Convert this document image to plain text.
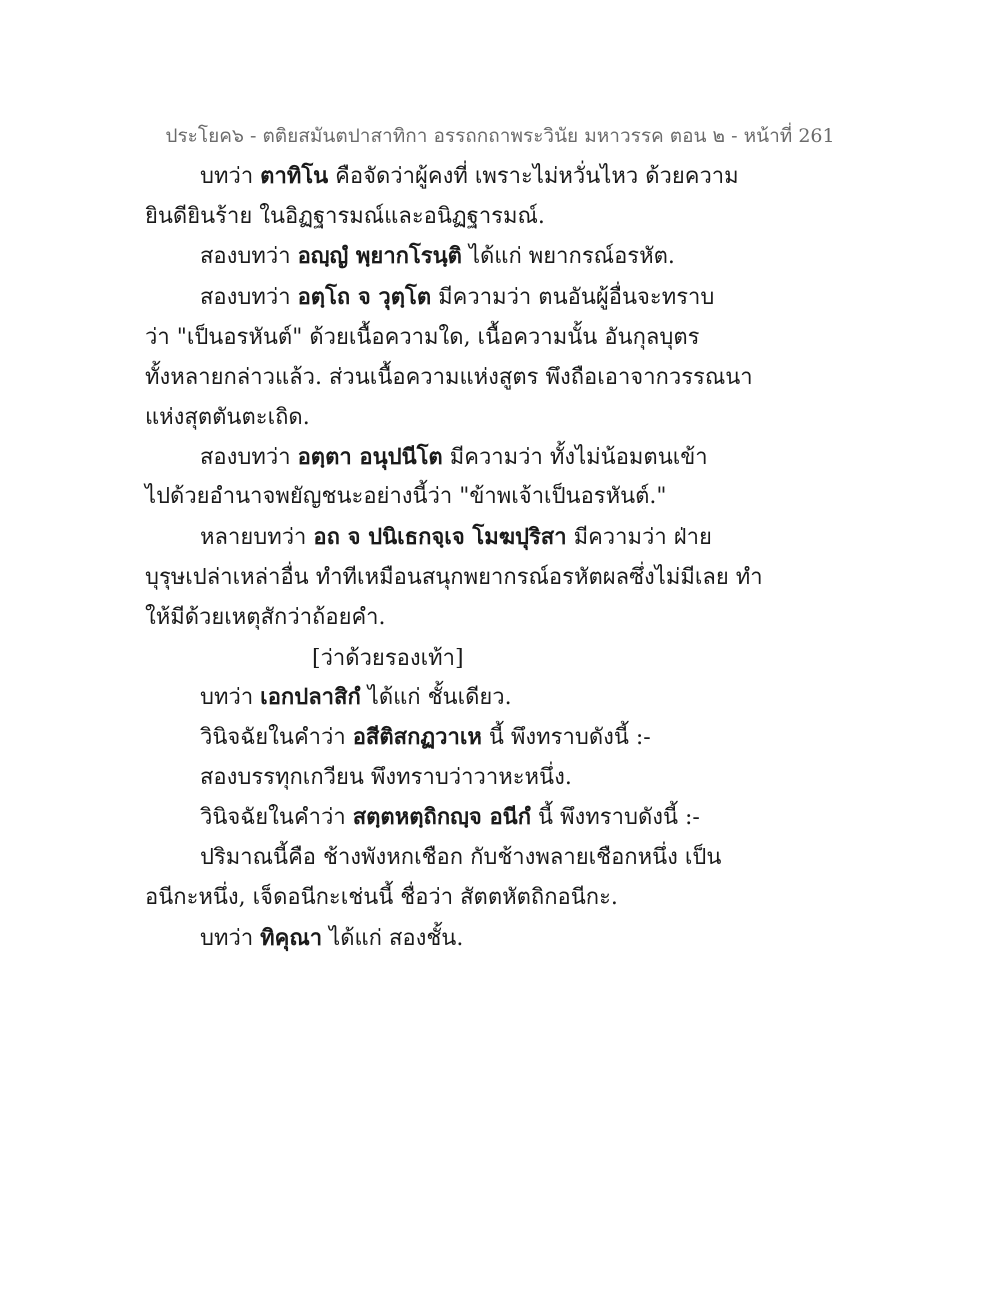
ประโยค๖ - ตติยสมันตปาสาทิกา อรรถกถาพระวินัย มหาวรรค ตอน ๒ - หน้าที่ 261
บทว่า ตาทิโน คือจัดว่าผู้คงที่ เพราะไม่หวั่นไหว ด้วยความ
ยินดียินร้าย ในอิฏฐารมณ์และอนิฏฐารมณ์.
สองบทว่า อญฺญํ พฺยากโรนฺติ ได้แก่ พยากรณ์อรหัต.
สองบทว่า อตฺโถ จ วุตฺโต มีความว่า ตนอันผู้อื่นจะทราบ
ว่า "เป็นอรหันต์" ด้วยเนื้อความใด, เนื้อความนั้น อันกุลบุตร
ทั้งหลายกล่าวแล้ว. ส่วนเนื้อความแห่งสูตร พึงถือเอาจากวรรณนา
แห่งสุตตันตะเถิด.
สองบทว่า อตฺตา อนุปนีโต มีความว่า ทั้งไม่น้อมตนเข้า
ไปด้วยอำนาจพยัญชนะอย่างนี้ว่า "ข้าพเจ้าเป็นอรหันต์."
หลายบทว่า อถ จ ปนิเธกจฺเจ โมฆปุริสา มีความว่า ฝ่าย
บุรุษเปล่าเหล่าอื่น ทำทีเหมือนสนุกพยากรณ์อรหัตผลซึ่งไม่มีเลย ทำ
ให้มีด้วยเหตุสักว่าถ้อยคำ.
[ว่าด้วยรองเท้า]
บทว่า เอกปลาสิกํ ได้แก่ ชั้นเดียว.
วินิจฉัยในคำว่า อสีติสกฏวาเห นี้ พึงทราบดังนี้ :-
สองบรรทุกเกวียน พึงทราบว่าวาหะหนึ่ง.
วินิจฉัยในคำว่า สตฺตหตฺถิกญฺจ อนีกํ นี้ พึงทราบดังนี้ :-
ปริมาณนี้คือ ช้างพังหกเชือก กับช้างพลายเชือกหนึ่ง เป็น
อนีกะหนึ่ง, เจ็ดอนีกะเช่นนี้ ชื่อว่า สัตตหัตถิกอนีกะ.
บทว่า ทิคุณา ได้แก่ สองชั้น.
